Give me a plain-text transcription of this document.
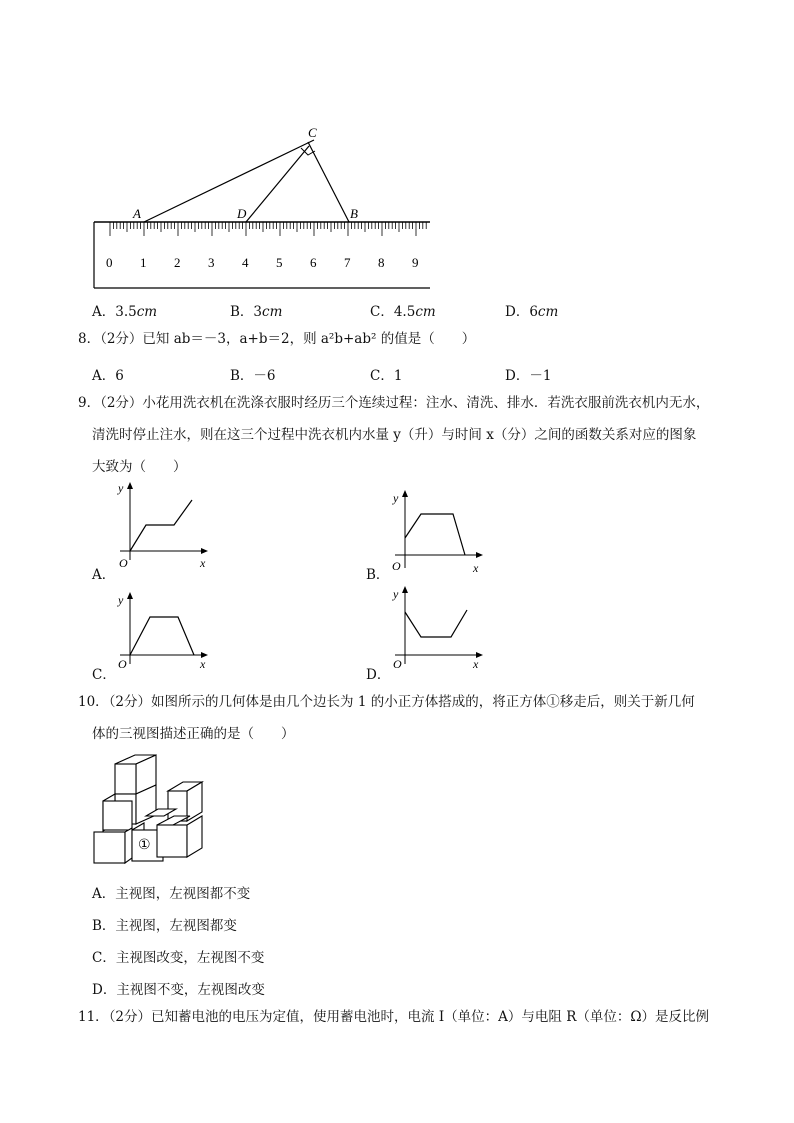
0 1 2 3 4 5 6 7 8 9
A	D	B
C
A．3.5cm	B．3cm	C．4.5cm	D．6cm
8．（2分）已知 ab＝－3，a+b＝2，则 a²b+ab² 的值是（　　）
A．6	B．－6	C．1	D．－1
9．（2分）小花用洗衣机在洗涤衣服时经历三个连续过程：注水、清洗、排水．若洗衣服前洗衣机内无水，
清洗时停止注水，则在这三个过程中洗衣机内水量 y（升）与时间 x（分）之间的函数关系对应的图象
大致为（　　）
y
x
O
A．
y
x
O
B．
y
x
O
C．
y
x
O
D．
10．（2分）如图所示的几何体是由几个边长为 1 的小正方体搭成的，将正方体①移走后，则关于新几何
体的三视图描述正确的是（　　）
①
A．主视图，左视图都不变
B．主视图，左视图都变
C．主视图改变，左视图不变
D．主视图不变，左视图改变
11．（2分）已知蓄电池的电压为定值，使用蓄电池时，电流 I（单位：A）与电阻 R（单位：Ω）是反比例
